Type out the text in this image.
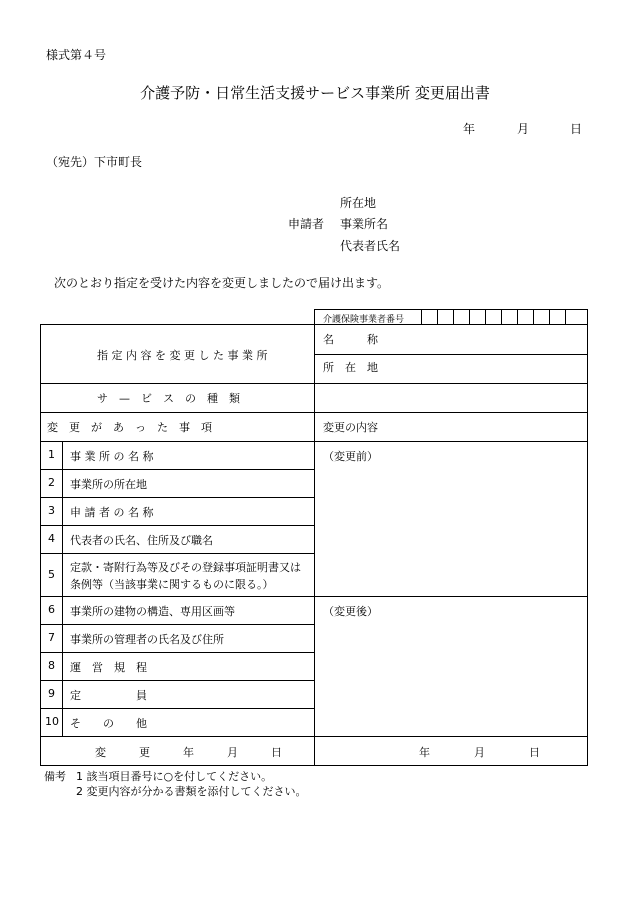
様式第４号
介護予防・日常生活支援サービス事業所 変更届出書
年	月	日
（宛先）下市町長
所在地
申請者 事業所名
代表者氏名
次のとおり指定を受けた内容を変更しましたので届け出ます。
介護保険事業者番号
指 定 内 容 を 変 更 し た 事 業 所
名　　　称
所　在　地
サ　—　ビ　ス　の　種　類
変　更　が　あ　っ　た　事　項	変更の内容
（変更前）
（変更後）
1 事 業 所 の 名 称
2 事業所の所在地
3 申 請 者 の 名 称
4 代表者の氏名、住所及び職名
5
定款・寄附行為等及びその登録事項証明書又は
条例等（当該事業に関するものに限る。）
6 事業所の建物の構造、専用区画等
7 事業所の管理者の氏名及び住所
8 運　営　規　程
9 定　　　　　員
10 そ　　の　　他
変　　　更　　　年　　　月　　　日	年　　　　月　　　　日
備考 1 該当項目番号に○を付してください。
2 変更内容が分かる書類を添付してください。
